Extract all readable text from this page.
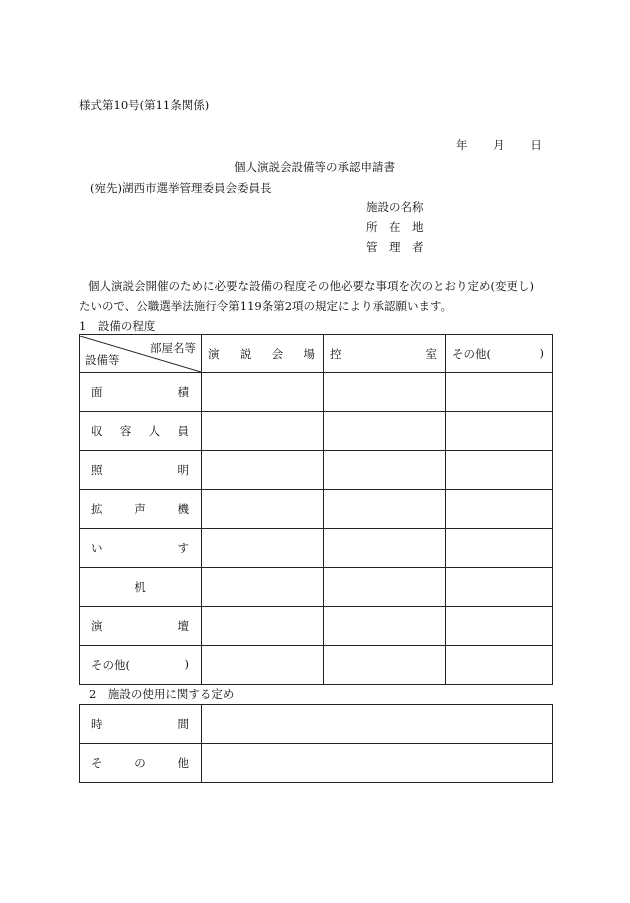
様式第10号(第11条関係)
年 月 日
個人演説会設備等の承認申請書
(宛先)湖西市選挙管理委員会委員長
施設の名称
所　在　地
管　理　者
個人演説会開催のために必要な設備の程度その他必要な事項を次のとおり定め(変更し)
たいので、公職選挙法施行令第119条第2項の規定により承認願います。
1　設備の程度
部屋名等
設備等	演 説 会 場	控 室	その他( )

面 積			

収 容 人 員			

照 明			

拡 声 機			

い す			

机			

演 壇			

その他( )			

2　施設の使用に関する定め
時 間	

そ の 他	
